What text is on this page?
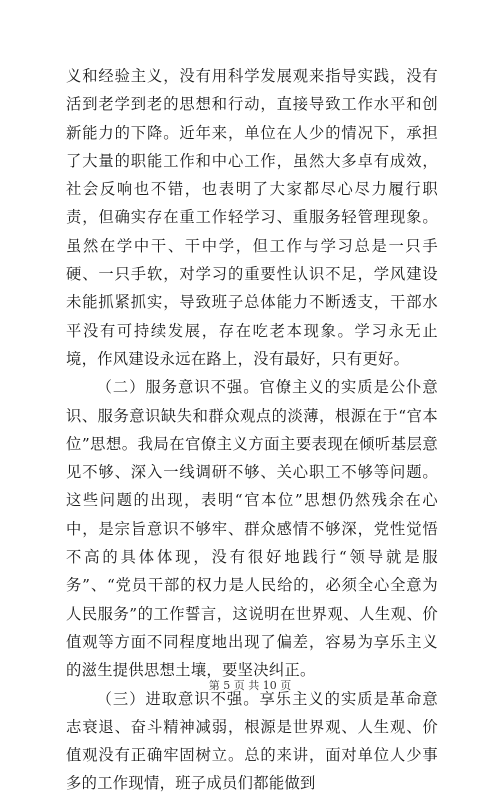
义和经验主义，没有用科学发展观来指导实践，没有活到老学到老的思想和行动，直接导致工作水平和创新能力的下降。近年来，单位在人少的情况下，承担了大量的职能工作和中心工作，虽然大多卓有成效，社会反响也不错，也表明了大家都尽心尽力履行职责，但确实存在重工作轻学习、重服务轻管理现象。虽然在学中干、干中学，但工作与学习总是一只手硬、一只手软，对学习的重要性认识不足，学风建设未能抓紧抓实，导致班子总体能力不断透支，干部水平没有可持续发展，存在吃老本现象。学习永无止境，作风建设永远在路上，没有最好，只有更好。

（二）服务意识不强。官僚主义的实质是公仆意识、服务意识缺失和群众观点的淡薄，根源在于“官本位”思想。我局在官僚主义方面主要表现在倾听基层意见不够、深入一线调研不够、关心职工不够等问题。这些问题的出现，表明“官本位”思想仍然残余在心中，是宗旨意识不够牢、群众感情不够深，党性觉悟不高的具体体现，没有很好地践行“领导就是服务”、“党员干部的权力是人民给的，必须全心全意为人民服务”的工作誓言，这说明在世界观、人生观、价值观等方面不同程度地出现了偏差，容易为享乐主义的滋生提供思想土壤，要坚决纠正。

（三）进取意识不强。享乐主义的实质是革命意志衰退、奋斗精神减弱，根源是世界观、人生观、价值观没有正确牢固树立。总的来讲，面对单位人少事多的工作现情，班子成员们都能做到

第 5 页 共 10 页
